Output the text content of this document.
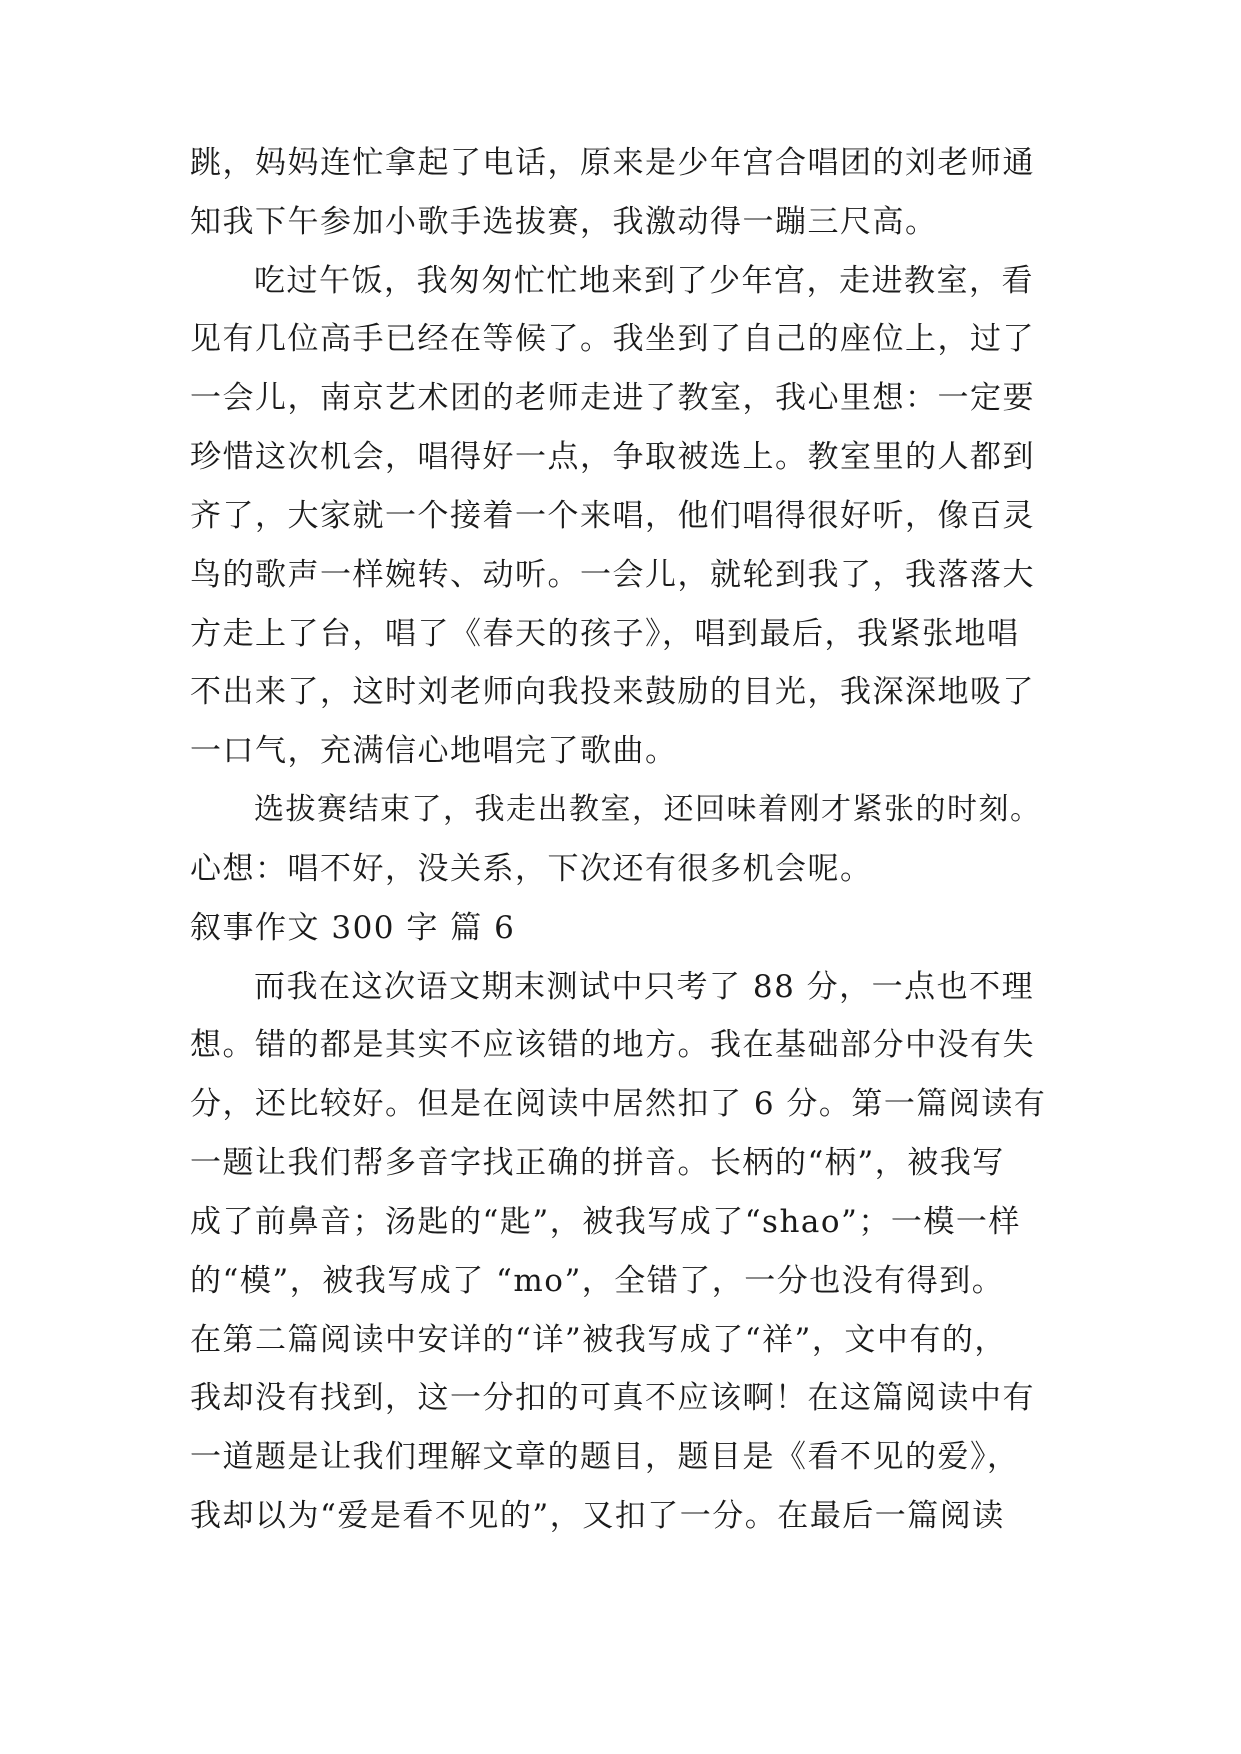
跳，妈妈连忙拿起了电话，原来是少年宫合唱团的刘老师通
知我下午参加小歌手选拔赛，我激动得一蹦三尺高。
吃过午饭，我匆匆忙忙地来到了少年宫，走进教室，看
见有几位高手已经在等候了。我坐到了自己的座位上，过了
一会儿，南京艺术团的老师走进了教室，我心里想：一定要
珍惜这次机会，唱得好一点，争取被选上。教室里的人都到
齐了，大家就一个接着一个来唱，他们唱得很好听，像百灵
鸟的歌声一样婉转、动听。一会儿，就轮到我了，我落落大
方走上了台，唱了《春天的孩子》，唱到最后，我紧张地唱
不出来了，这时刘老师向我投来鼓励的目光，我深深地吸了
一口气，充满信心地唱完了歌曲。
选拔赛结束了，我走出教室，还回味着刚才紧张的时刻。
心想：唱不好，没关系，下次还有很多机会呢。
叙事作文 300 字 篇 6
而我在这次语文期末测试中只考了 88 分，一点也不理
想。错的都是其实不应该错的地方。我在基础部分中没有失
分，还比较好。但是在阅读中居然扣了 6 分。第一篇阅读有
一题让我们帮多音字找正确的拼音。长柄的“柄”，被我写
成了前鼻音；汤匙的“匙”，被我写成了“shao”；一模一样
的“模”，被我写成了 “mo”，全错了，一分也没有得到。
在第二篇阅读中安详的“详”被我写成了“祥”，文中有的，
我却没有找到，这一分扣的可真不应该啊！在这篇阅读中有
一道题是让我们理解文章的题目，题目是《看不见的爱》，
我却以为“爱是看不见的”，又扣了一分。在最后一篇阅读
